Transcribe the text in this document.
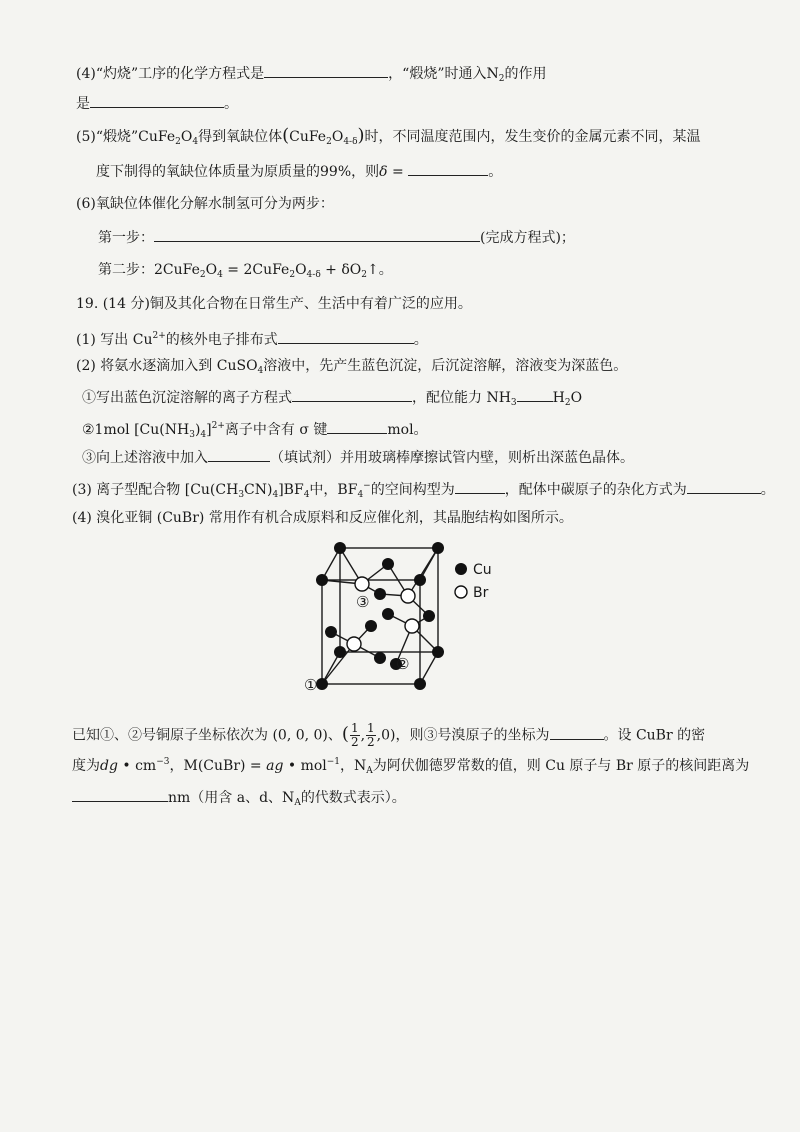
(4)“灼烧”工序的化学方程式是	，“煅烧”时通入$N_2$的作用
是	。
(5)“煅烧$”CuFe_2O_4$得到氧缺位体$(CuFe_2O_{4-\delta})$时，不同温度范围内，发生变价的金属元素不同，某温
度下制得的氧缺位体质量为原质量的99%，则δ =	。
(6)氧缺位体催化分解水制氢可分为两步：
第一步：	(完成方程式)；
第二步：$2CuFe_2O_4$ = $2CuFe_2O_{4-\delta}$ + $\delta O_2↑$。
19. (14 分)铜及其化合物在日常生产、生活中有着广泛的应用。
(1) 写出 $Cu^{2+}$的核外电子排布式	。
(2) 将氨水逐滴加入到 CuSO$_4$溶液中，先产生蓝色沉淀，后沉淀溶解，溶液变为深蓝色。
①写出蓝色沉淀溶解的离子方程式	，配位能力 $NH_3$	$H_2O$
②1mol $[Cu(NH_3)_4]^{2+}$离子中含有 σ 键	mol。
③向上述溶液中加入	（填试剂）并用玻璃棒摩擦试管内壁，则析出深蓝色晶体。
(3) 离子型配合物 $[Cu(CH_3CN)_4]BF_4$中，$BF_4^-$的空间构型为	，配体中碳原子的杂化方式为	。
(4) 溴化亚铜 (CuBr) 常用作有机合成原料和反应催化剂，其晶胞结构如图所示。
①
②
③
Cu
Br
已知①、②号铜原子坐标依次为 (0, 0, 0)、( $\frac{1}{2}$ , $\frac{1}{2} ,0$)，则③号溴原子的坐标为	。设 CuBr 的密
度为dg • $cm^{-3}$，M(CuBr) = ag • mol$^{-1}$，$N_A$为阿伏伽德罗常数的值，则 Cu 原子与 Br 原子的核间距离为
nm（用含 a、d、$N_A$的代数式表示）。
